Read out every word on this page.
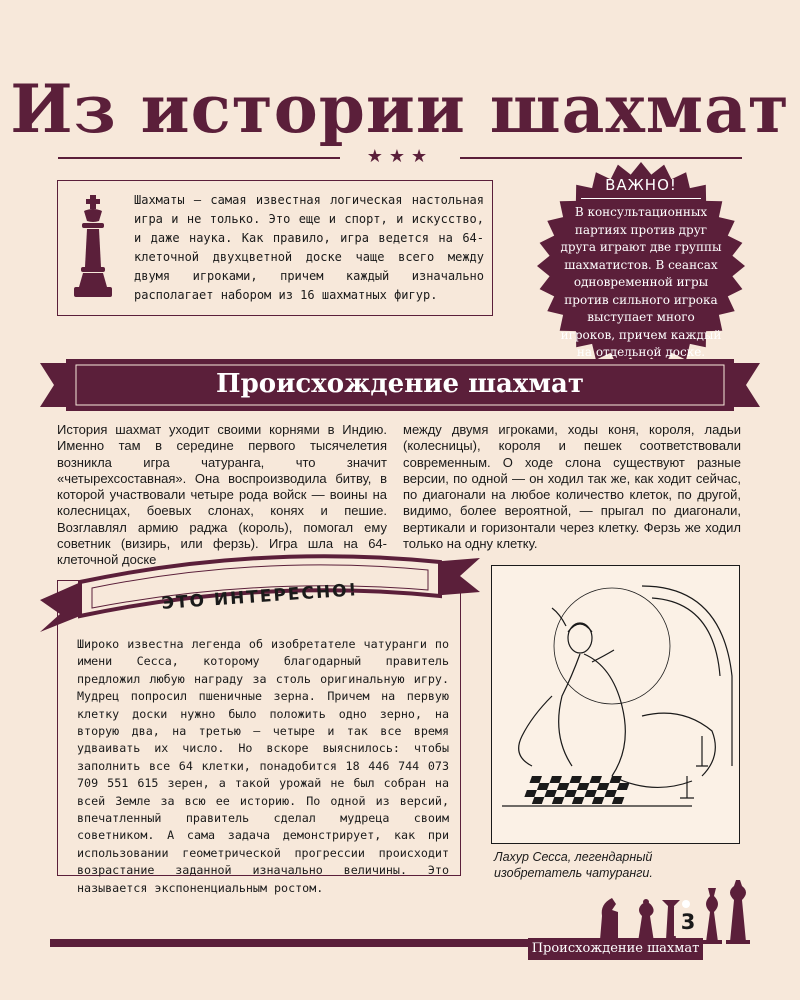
Из истории шахмат
★★★

Шахматы — самая известная логическая настольная игра и не только. Это еще и спорт, и искусство, и даже наука. Как правило, игра ведется на 64-клеточной двухцветной доске чаще всего между двумя игроками, причем каждый изначально располагает набором из 16 шахматных фигур.

ВАЖНО!

В консультационных партиях против друг друга играют две группы шахматистов. В сеансах одновременной игры против сильного игрока выступает много игроков, причем каждый на отдельной доске.

Происхождение шахмат

История шахмат уходит своими корнями в Индию. Именно там в середине первого тысячелетия возникла игра чатуранга, что значит «четырехсоставная». Она воспроизводила битву, в которой участвовали четыре рода войск — воины на колесницах, боевых слонах, конях и пешие. Возглавлял армию раджа (король), помогал ему советник (визирь, или ферзь). Игра шла на 64-клеточной доске

между двумя игроками, ходы коня, короля, ладьи (колесницы), короля и пешек соответствовали современным. О ходе слона существуют разные версии, по одной — он ходил так же, как ходит сейчас, по диагонали на любое количество клеток, по другой, видимо, более вероятной, — прыгал по диагонали, вертикали и горизонтали через клетку. Ферзь же ходил только на одну клетку.

ЭТО ИНТЕРЕСНО!

Широко известна легенда об изобретателе чатуранги по имени Сесса, которому благодарный правитель предложил любую награду за столь оригинальную игру. Мудрец попросил пшеничные зерна. Причем на первую клетку доски нужно было положить одно зерно, на вторую два, на третью — четыре и так все время удваивать их число. Но вскоре выяснилось: чтобы заполнить все 64 клетки, понадобится 18 446 744 073 709 551 615 зерен, а такой урожай не был собран на всей Земле за всю ее историю. По одной из версий, впечатленный правитель сделал мудреца своим советником. А сама задача демонстрирует, как при использовании геометрической прогрессии происходит возрастание заданной изначально величины. Это называется экспоненциальным ростом.

Лахур Сесса, легендарный изобретатель чатуранги.

Происхождение шахмат

3
